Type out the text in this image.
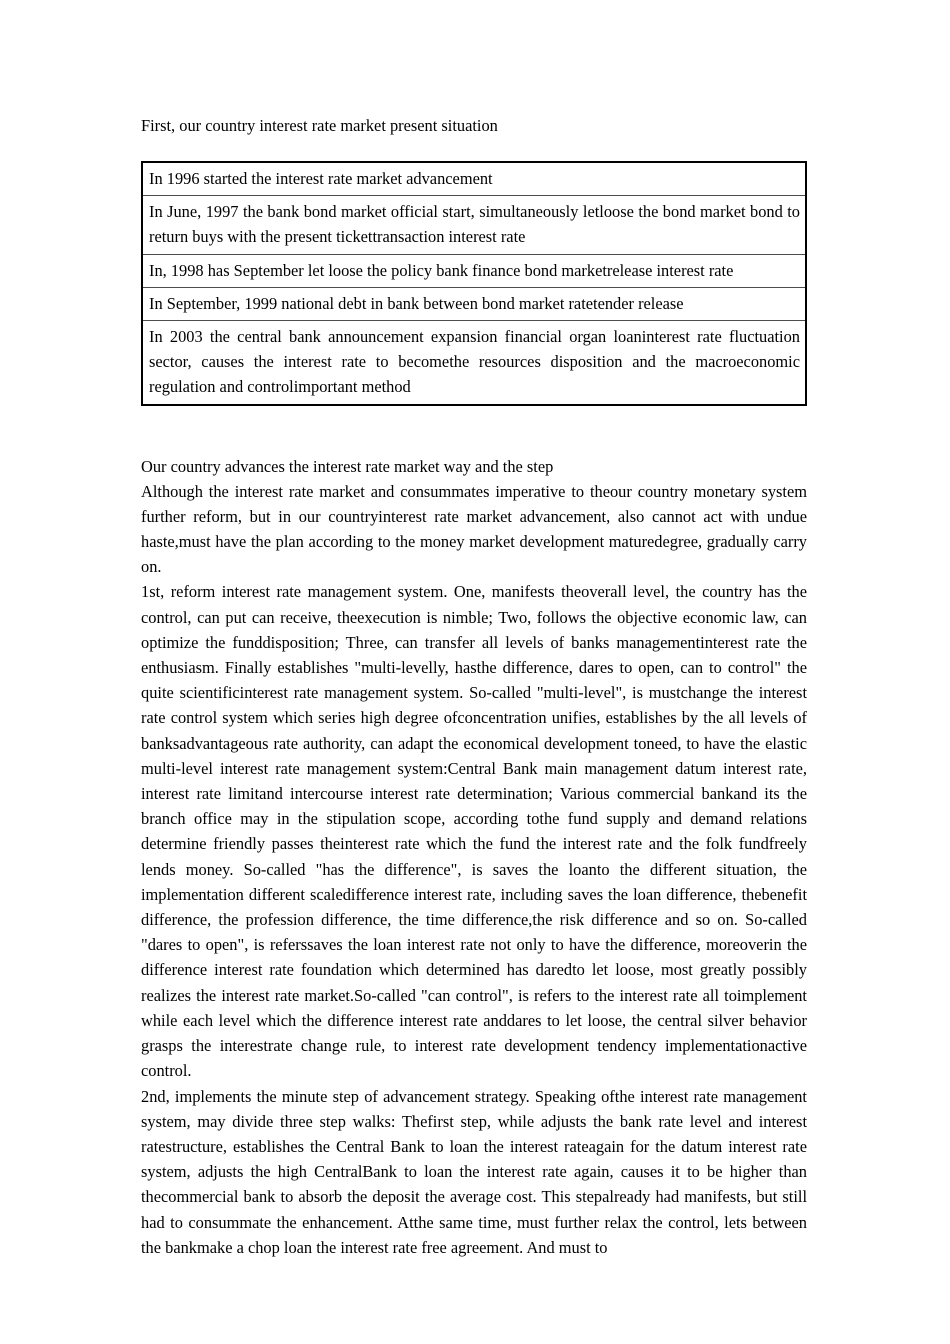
First, our country interest rate market present situation

In 1996 started the interest rate market advancement
In June, 1997 the bank bond market official start, simultaneously letloose the bond market bond to return buys with the present tickettransaction interest rate
In, 1998 has September let loose the policy bank finance bond marketrelease interest rate
In September, 1999 national debt in bank between bond market ratetender release
In 2003 the central bank announcement expansion financial organ loaninterest rate fluctuation sector, causes the interest rate to becomethe resources disposition and the macroeconomic regulation and controlimportant method

Our country advances the interest rate market way and the step

Although the interest rate market and consummates imperative to theour country monetary system further reform, but in our countryinterest rate market advancement, also cannot act with undue haste,must have the plan according to the money market development maturedegree, gradually carry on.

1st, reform interest rate management system. One, manifests theoverall level, the country has the control, can put can receive, theexecution is nimble; Two, follows the objective economic law, can optimize the funddisposition; Three, can transfer all levels of banks managementinterest rate the enthusiasm. Finally establishes "multi-levelly, hasthe difference, dares to open, can to control" the quite scientificinterest rate management system. So-called "multi-level", is mustchange the interest rate control system which series high degree ofconcentration unifies, establishes by the all levels of banksadvantageous rate authority, can adapt the economical development toneed, to have the elastic multi-level interest rate management system:Central Bank main management datum interest rate, interest rate limitand intercourse interest rate determination; Various commercial bankand its the branch office may in the stipulation scope, according tothe fund supply and demand relations determine friendly passes theinterest rate which the fund the interest rate and the folk fundfreely lends money. So-called "has the difference", is saves the loanto the different situation, the implementation different scaledifference interest rate, including saves the loan difference, thebenefit difference, the profession difference, the time difference,the risk difference and so on. So-called "dares to open", is referssaves the loan interest rate not only to have the difference, moreoverin the difference interest rate foundation which determined has daredto let loose, most greatly possibly realizes the interest rate market.So-called "can control", is refers to the interest rate all toimplement while each level which the difference interest rate anddares to let loose, the central silver behavior grasps the interestrate change rule, to interest rate development tendency implementationactive control.

2nd, implements the minute step of advancement strategy. Speaking ofthe interest rate management system, may divide three step walks: Thefirst step, while adjusts the bank rate level and interest ratestructure, establishes the Central Bank to loan the interest rateagain for the datum interest rate system, adjusts the high CentralBank to loan the interest rate again, causes it to be higher than thecommercial bank to absorb the deposit the average cost. This stepalready had manifests, but still had to consummate the enhancement. Atthe same time, must further relax the control, lets between the bankmake a chop loan the interest rate free agreement. And must to
